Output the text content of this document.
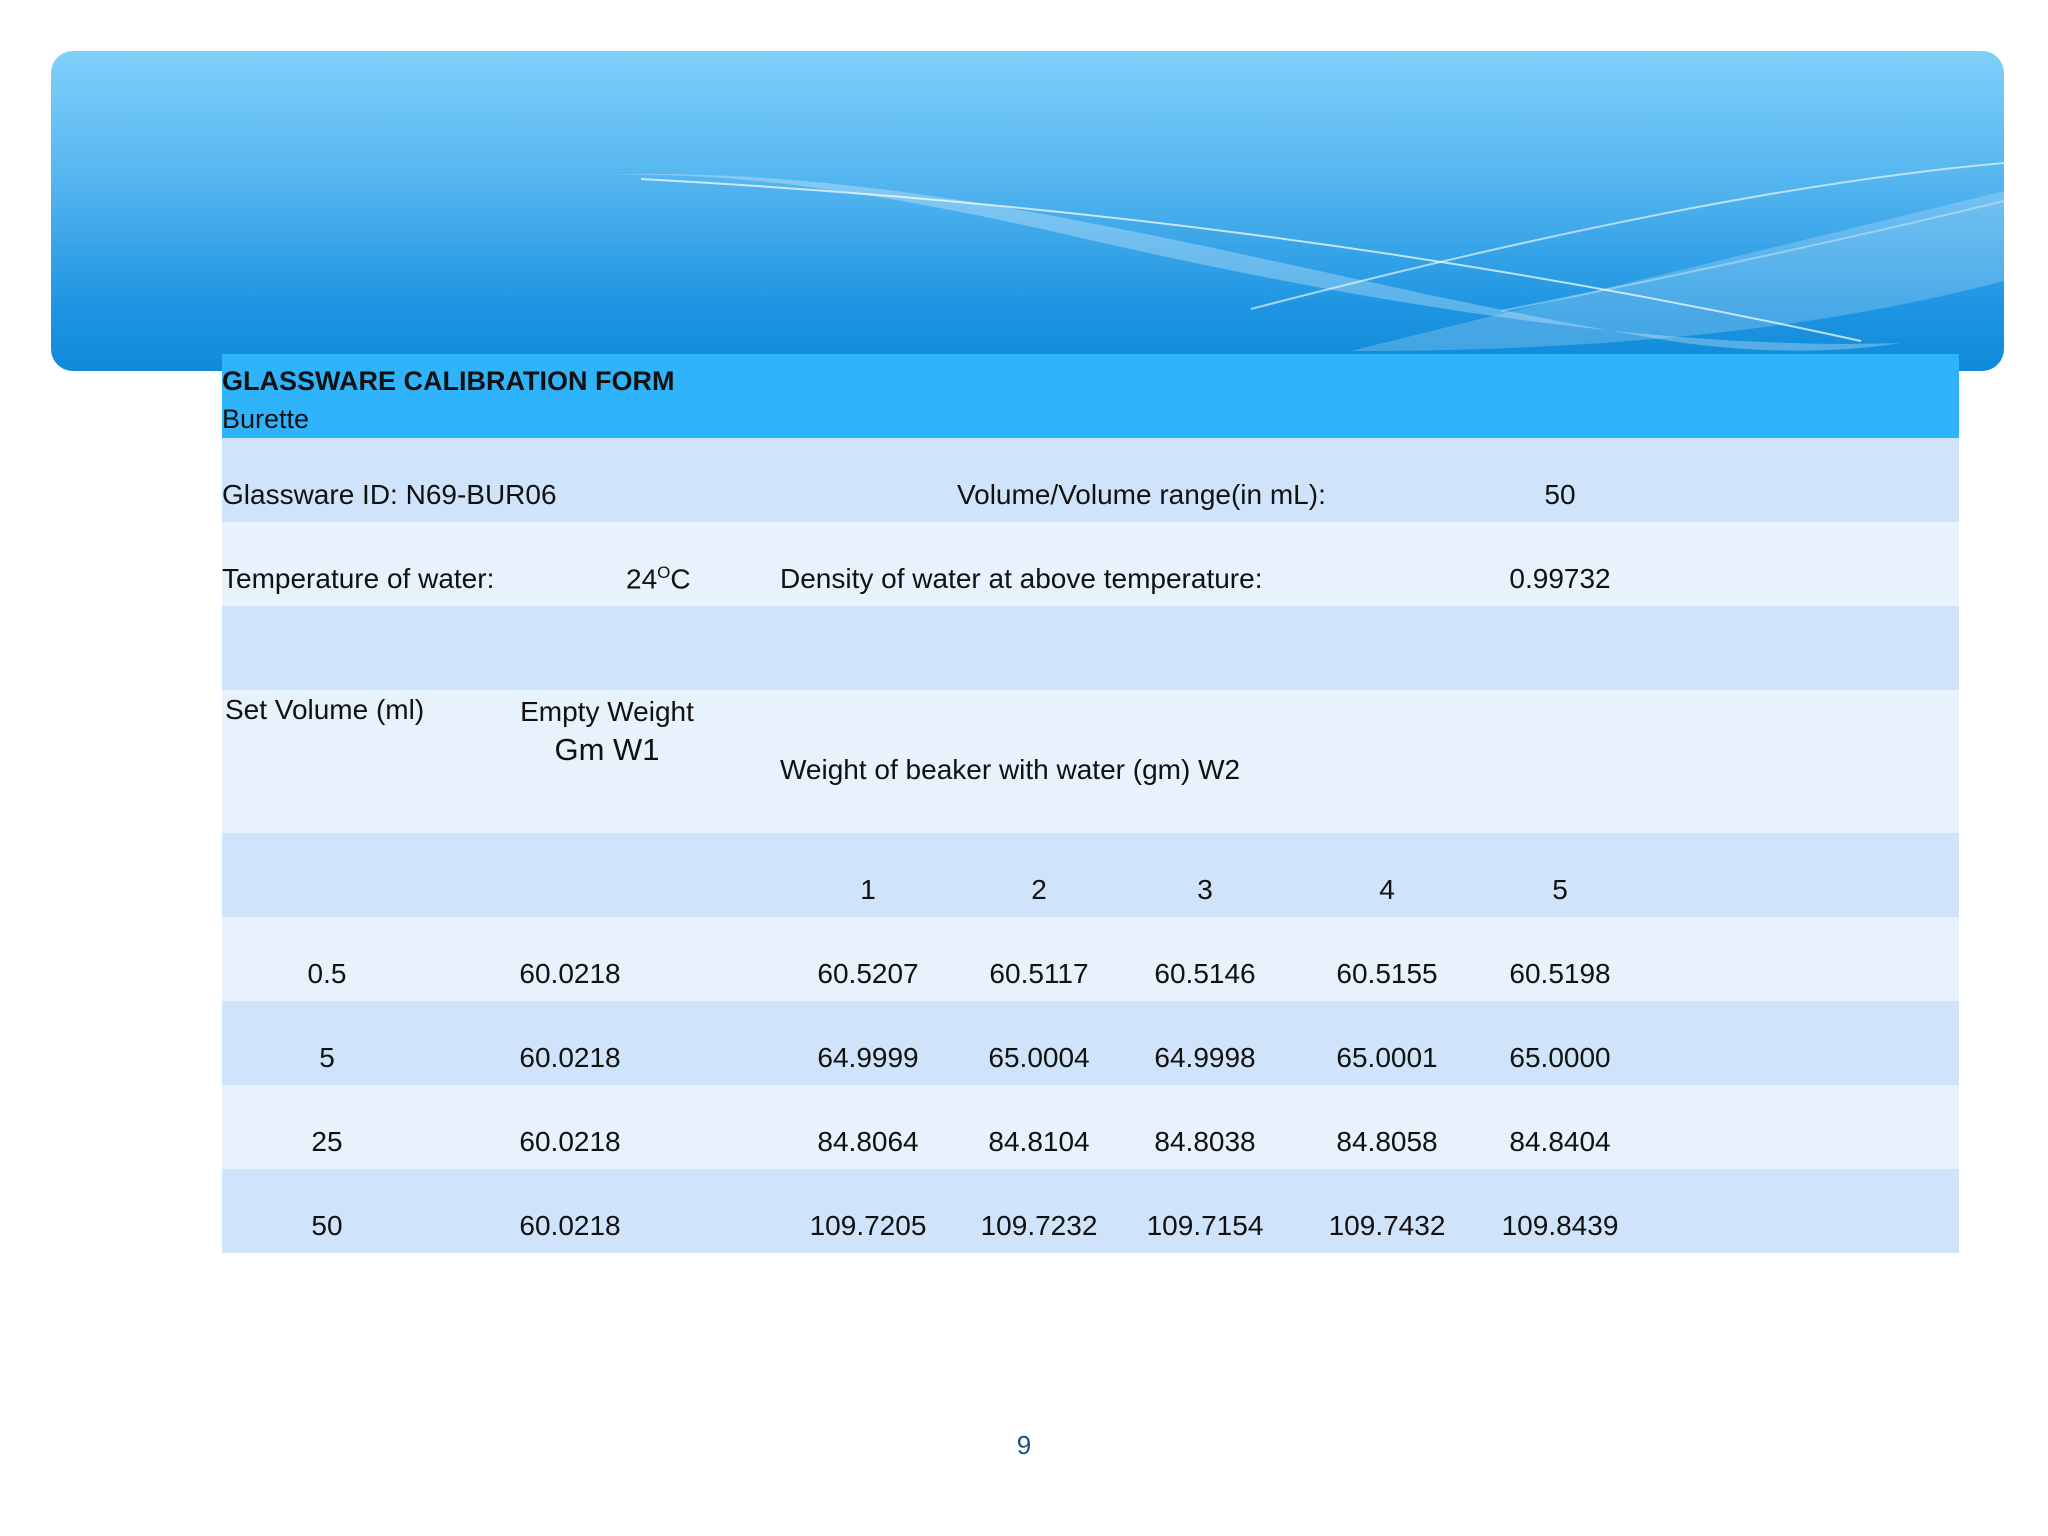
GLASSWARE CALIBRATION FORM
Burette
Glassware ID: N69-BUR06	Volume/Volume range(in mL):	50
Temperature of water:	$24^OC$	Density of water at above temperature:	0.99732
Set Volume (ml)	Empty Weight
Gm W1
Weight of beaker with water (gm) W2
1	2	3	4	5
0.5	60.0218	60.5207	60.5117 60.5146	60.5155	60.5198
5	60.0218	64.9999 65.0004 64.9998	65.0001	65.0000
25	60.0218	84.8064 84.8104 84.8038	84.8058	84.8404
50	60.0218	109.7205 109.7232 109.7154 109.7432 109.8439
9
